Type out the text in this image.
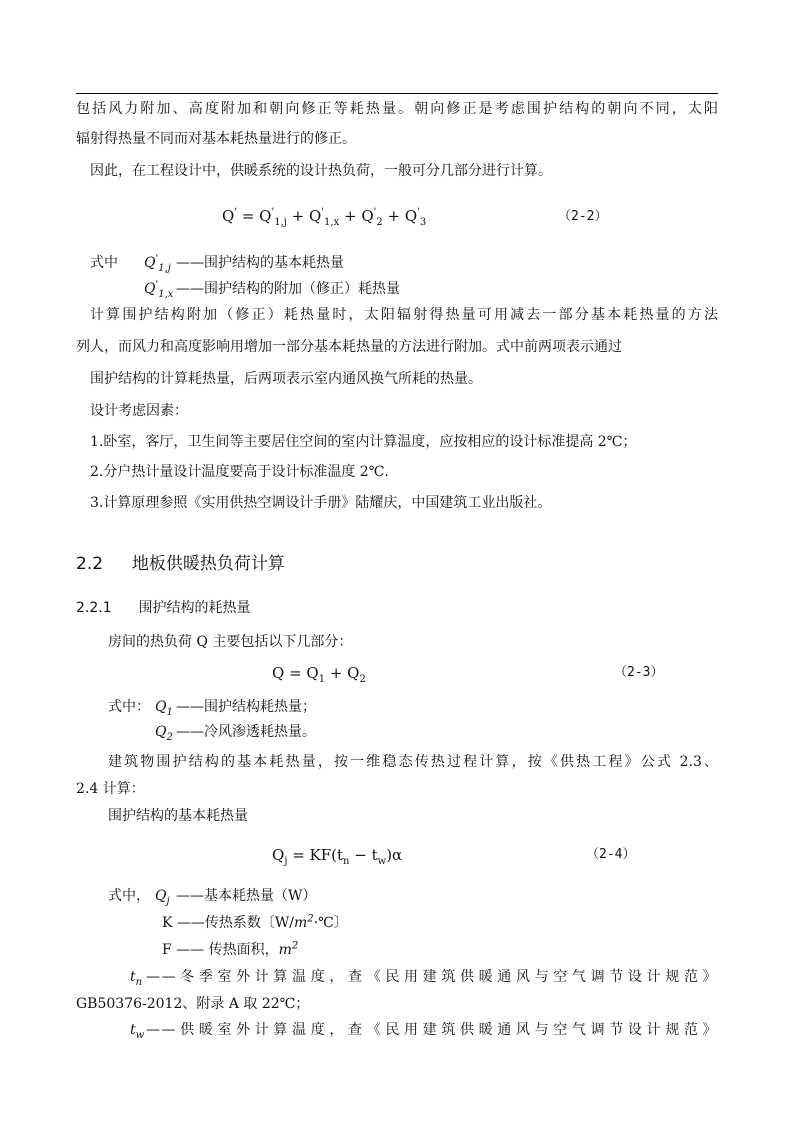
包括风力附加、高度附加和朝向修正等耗热量。朝向修正是考虑围护结构的朝向不同，太阳
辐射得热量不同而对基本耗热量进行的修正。
因此，在工程设计中，供暖系统的设计热负荷，一般可分几部分进行计算。
$Q' = Q'_{1,j} + Q'_{1,x} + Q'_2 + Q'_3$	（2-2）
式中 $Q'_{1,j}$ ——围护结构的基本耗热量
$Q'_{1,x}$ ——围护结构的附加（修正）耗热量
计算围护结构附加（修正）耗热量时，太阳辐射得热量可用减去一部分基本耗热量的方法
列人，而风力和高度影响用增加一部分基本耗热量的方法进行附加。式中前两项表示通过
围护结构的计算耗热量，后两项表示室内通风换气所耗的热量。
设计考虑因素：
1.卧室，客厅，卫生间等主要居住空间的室内计算温度，应按相应的设计标准提高 2℃；
2.分户热计量设计温度要高于设计标准温度 2℃.
3.计算原理参照《实用供热空调设计手册》陆耀庆，中国建筑工业出版社。
2.2 地板供暖热负荷计算
2.2.1 围护结构的耗热量
房间的热负荷 Q 主要包括以下几部分：
$Q = Q_1 + Q_2$	（2-3）
式中： $Q_1$ ——围护结构耗热量；
$Q_2$ ——冷风渗透耗热量。
建筑物围护结构的基本耗热量，按一维稳态传热过程计算，按《供热工程》公式 2.3、
2.4 计算：
围护结构的基本耗热量
$Q_j = KF(t_n - t_w)\alpha$	（2-4）
式中， $Q_j$ ——基本耗热量（W）
K ——传热系数〔$W/m^2\cdot℃$〕
F —— 传热面积，$m^2$
$t_n$ ——冬季室外计算温度，查《民用建筑供暖通风与空气调节设计规范》
GB50376-2012、附录 A 取 22℃；
$t_w$ ——供暖室外计算温度，查《民用建筑供暖通风与空气调节设计规范》
